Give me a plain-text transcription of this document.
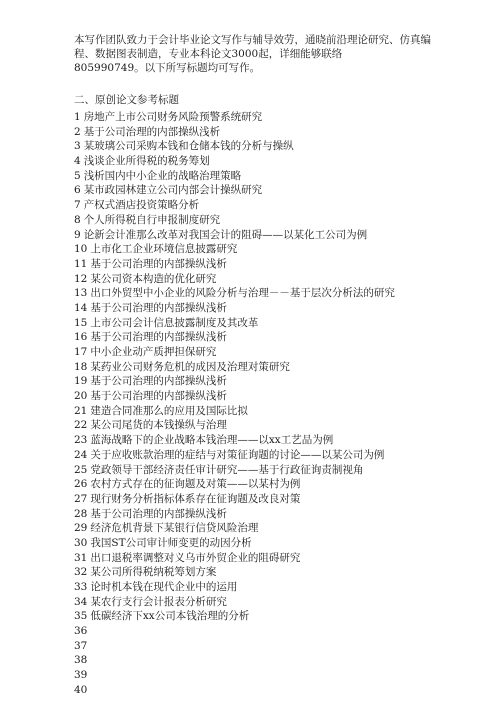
本写作团队致力于会计毕业论文写作与辅导效劳，通晓前沿理论研究、仿真编
程、数据图表制造，专业本科论文3000起，详细能够联络
805990749。以下所写标题均可写作。
二、原创论文参考标题
1 房地产上市公司财务风险预警系统研究
2 基于公司治理的内部操纵浅析
3 某玻璃公司采购本钱和仓储本钱的分析与操纵
4 浅谈企业所得税的税务筹划
5 浅析国内中小企业的战略治理策略
6 某市政园林建立公司内部会计操纵研究
7 产权式酒店投资策略分析
8 个人所得税自行申报制度研究
9 论新会计准那么改革对我国会计的阻碍——以某化工公司为例
10 上市化工企业环境信息披露研究
11 基于公司治理的内部操纵浅析
12 某公司资本构造的优化研究
13 出口外贸型中小企业的风险分析与治理－－基于层次分析法的研究
14 基于公司治理的内部操纵浅析
15 上市公司会计信息披露制度及其改革
16 基于公司治理的内部操纵浅析
17 中小企业动产质押担保研究
18 某药业公司财务危机的成因及治理对策研究
19 基于公司治理的内部操纵浅析
20 基于公司治理的内部操纵浅析
21 建造合同准那么的应用及国际比拟
22 某公司尾货的本钱操纵与治理
23 蓝海战略下的企业战略本钱治理——以xx工艺品为例
24 关于应收账款治理的症结与对策征询题的讨论——以某公司为例
25 党政领导干部经济责任审计研究——基于行政征询责制视角
26 农村方式存在的征询题及对策——以某村为例
27 现行财务分析指标体系存在征询题及改良对策
28 基于公司治理的内部操纵浅析
29 经济危机背景下某银行信贷风险治理
30 我国ST公司审计师变更的动因分析
31 出口退税率调整对义乌市外贸企业的阻碍研究
32 某公司所得税纳税筹划方案
33 论时机本钱在现代企业中的运用
34 某农行支行会计报表分析研究
35 低碳经济下xx公司本钱治理的分析
36
37
38
39
40
